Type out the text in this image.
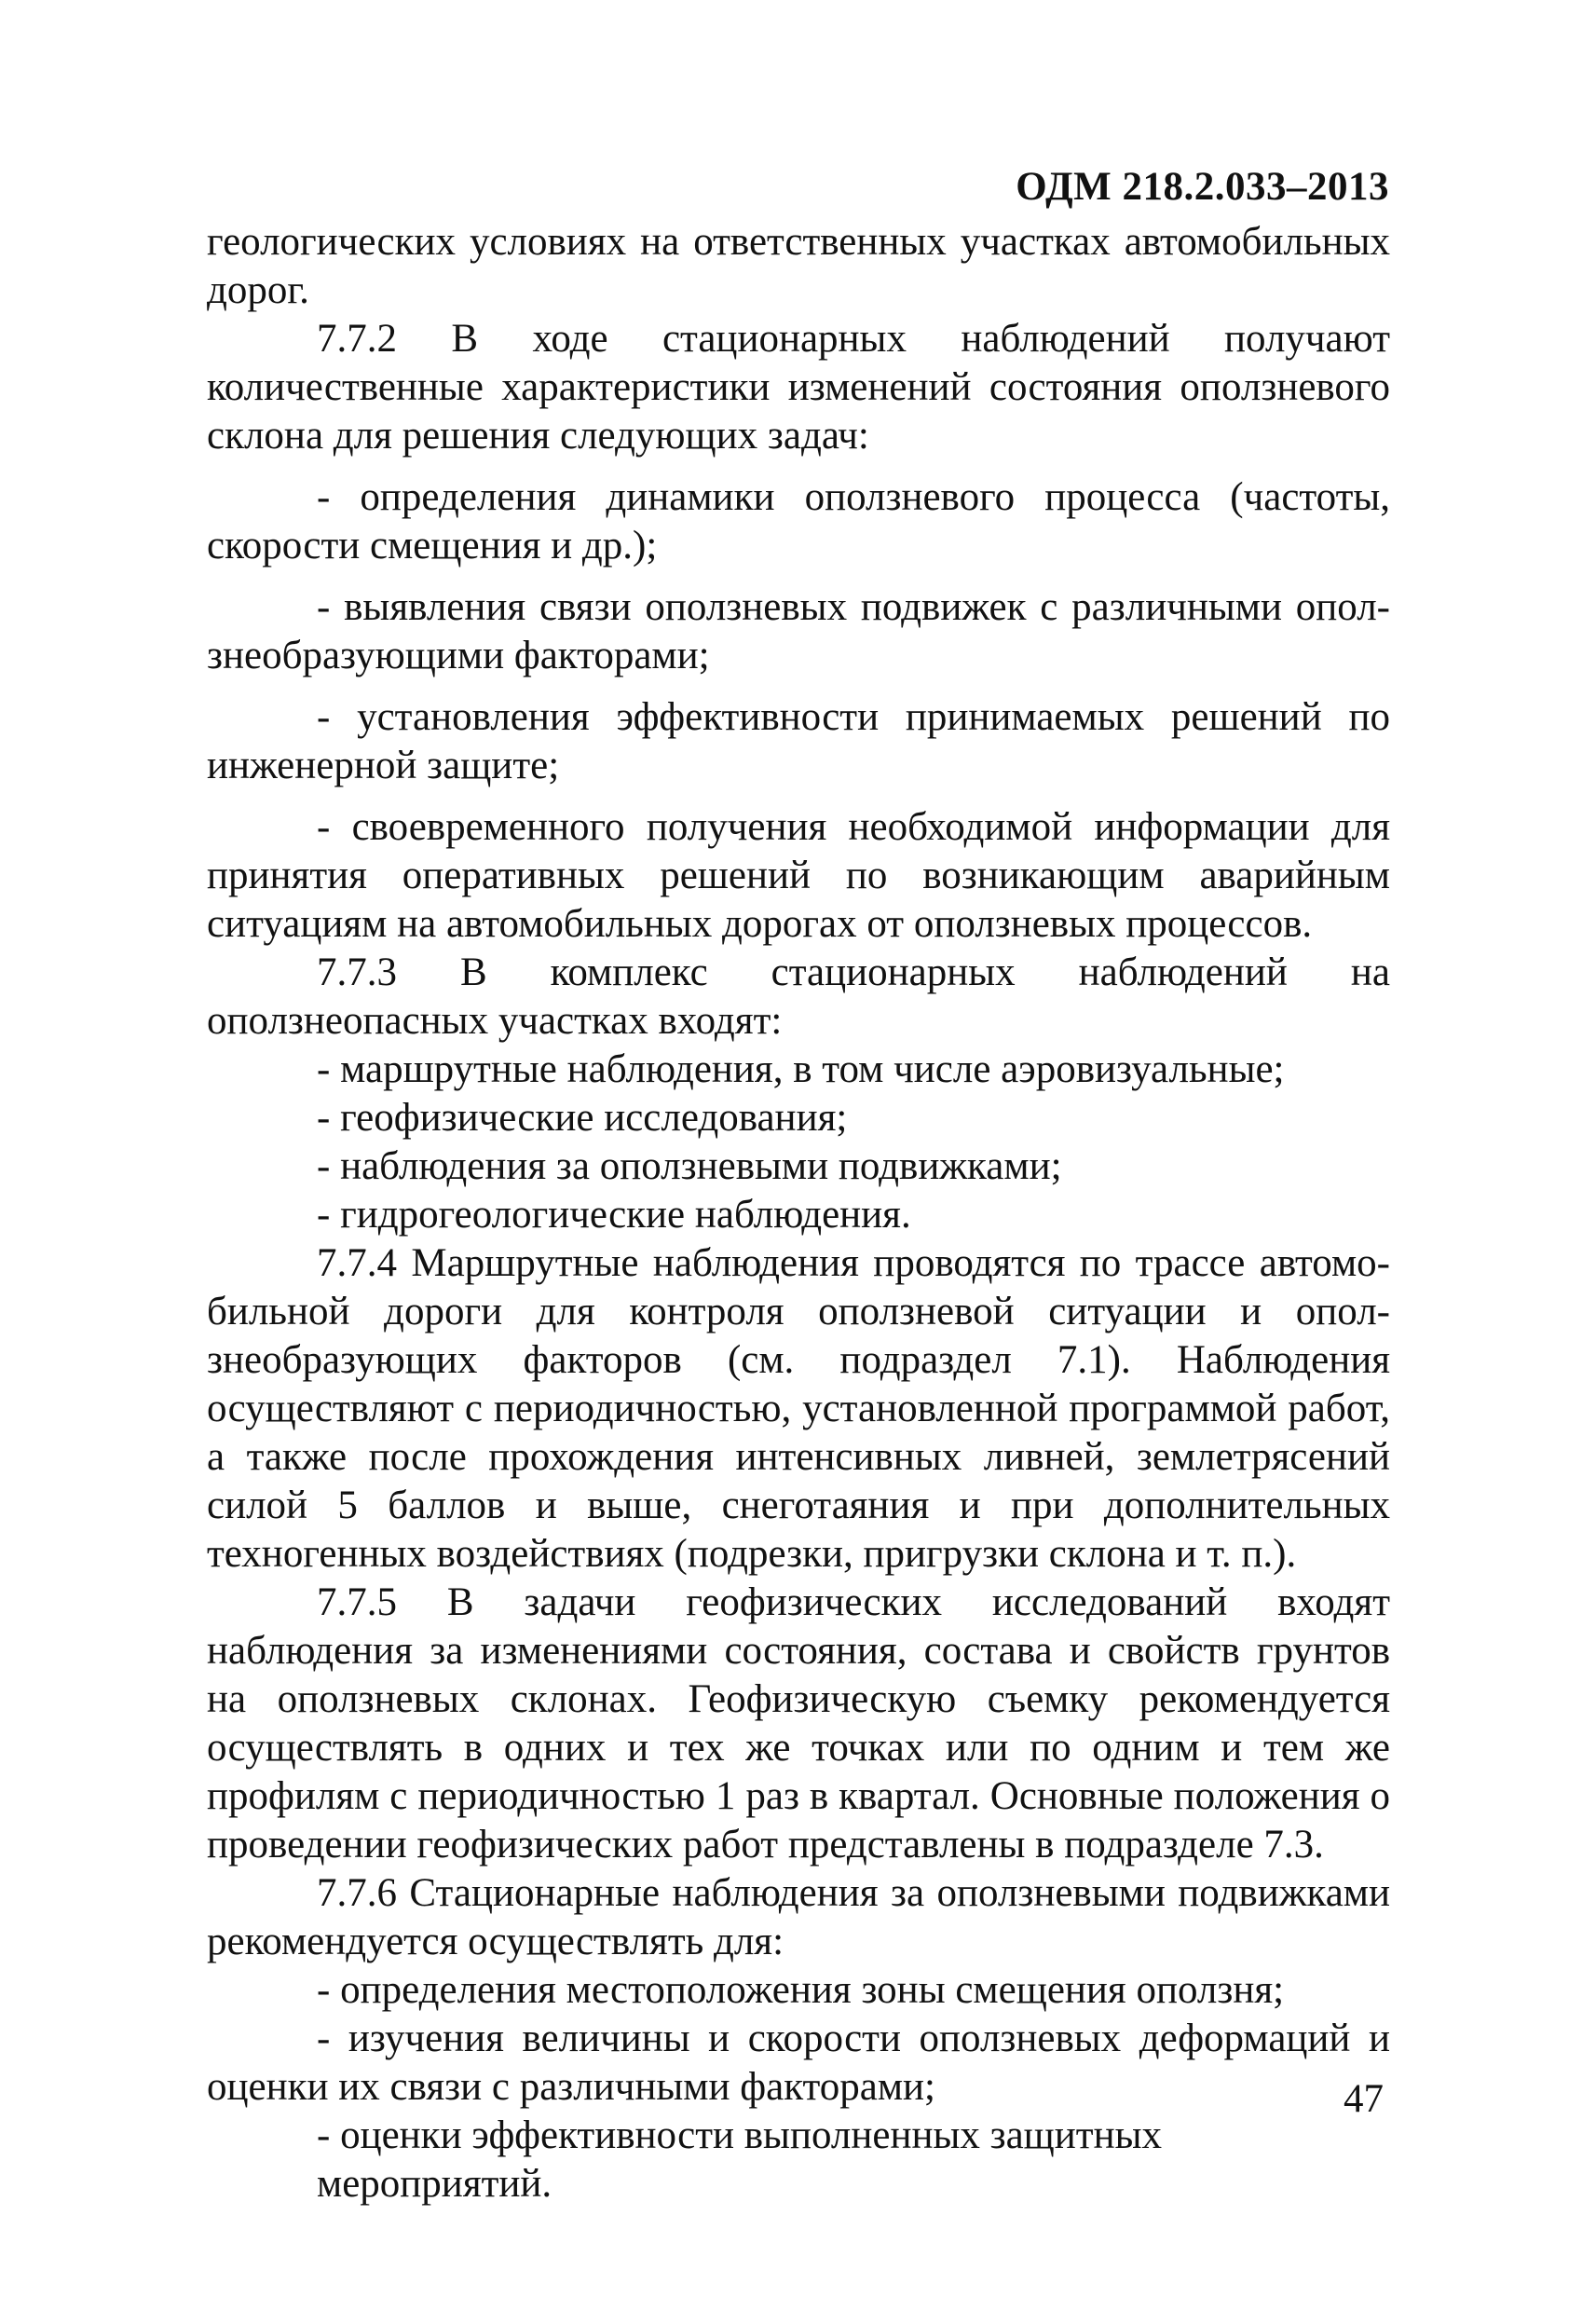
ОДМ 218.2.033–2013

геологических условиях на ответственных участках автомобильных дорог.

7.7.2 В ходе стационарных наблюдений получают количественные характеристики изменений состояния оползневого склона для решения следующих задач:

- определения динамики оползневого процесса (частоты, скорости смещения и др.);

- выявления связи оползневых подвижек с различными оползнеобразующими факторами;

- установления эффективности принимаемых решений по инженерной защите;

- своевременного получения необходимой информации для принятия оперативных решений по возникающим аварийным ситуациям на автомобильных дорогах от оползневых процессов.

7.7.3 В комплекс стационарных наблюдений на оползнеопасных участках входят:

- маршрутные наблюдения, в том числе аэровизуальные;

- геофизические исследования;

- наблюдения за оползневыми подвижками;

- гидрогеологические наблюдения.

7.7.4 Маршрутные наблюдения проводятся по трассе автомобильной дороги для контроля оползневой ситуации и оползнеобразующих факторов (см. подраздел 7.1). Наблюдения осуществляют с периодичностью, установленной программой работ, а также после прохождения интенсивных ливней, землетрясений силой 5 баллов и выше, снеготаяния и при дополнительных техногенных воздействиях (подрезки, пригрузки склона и т. п.).

7.7.5 В задачи геофизических исследований входят наблюдения за изменениями состояния, состава и свойств грунтов на оползневых склонах. Геофизическую съемку рекомендуется осуществлять в одних и тех же точках или по одним и тем же профилям с периодичностью 1 раз в квартал. Основные положения о проведении геофизических работ представлены в подразделе 7.3.

7.7.6 Стационарные наблюдения за оползневыми подвижками рекомендуется осуществлять для:

- определения местоположения зоны смещения оползня;

- изучения величины и скорости оползневых деформаций и оценки их связи с различными факторами;

- оценки эффективности выполненных защитных мероприятий.

47
